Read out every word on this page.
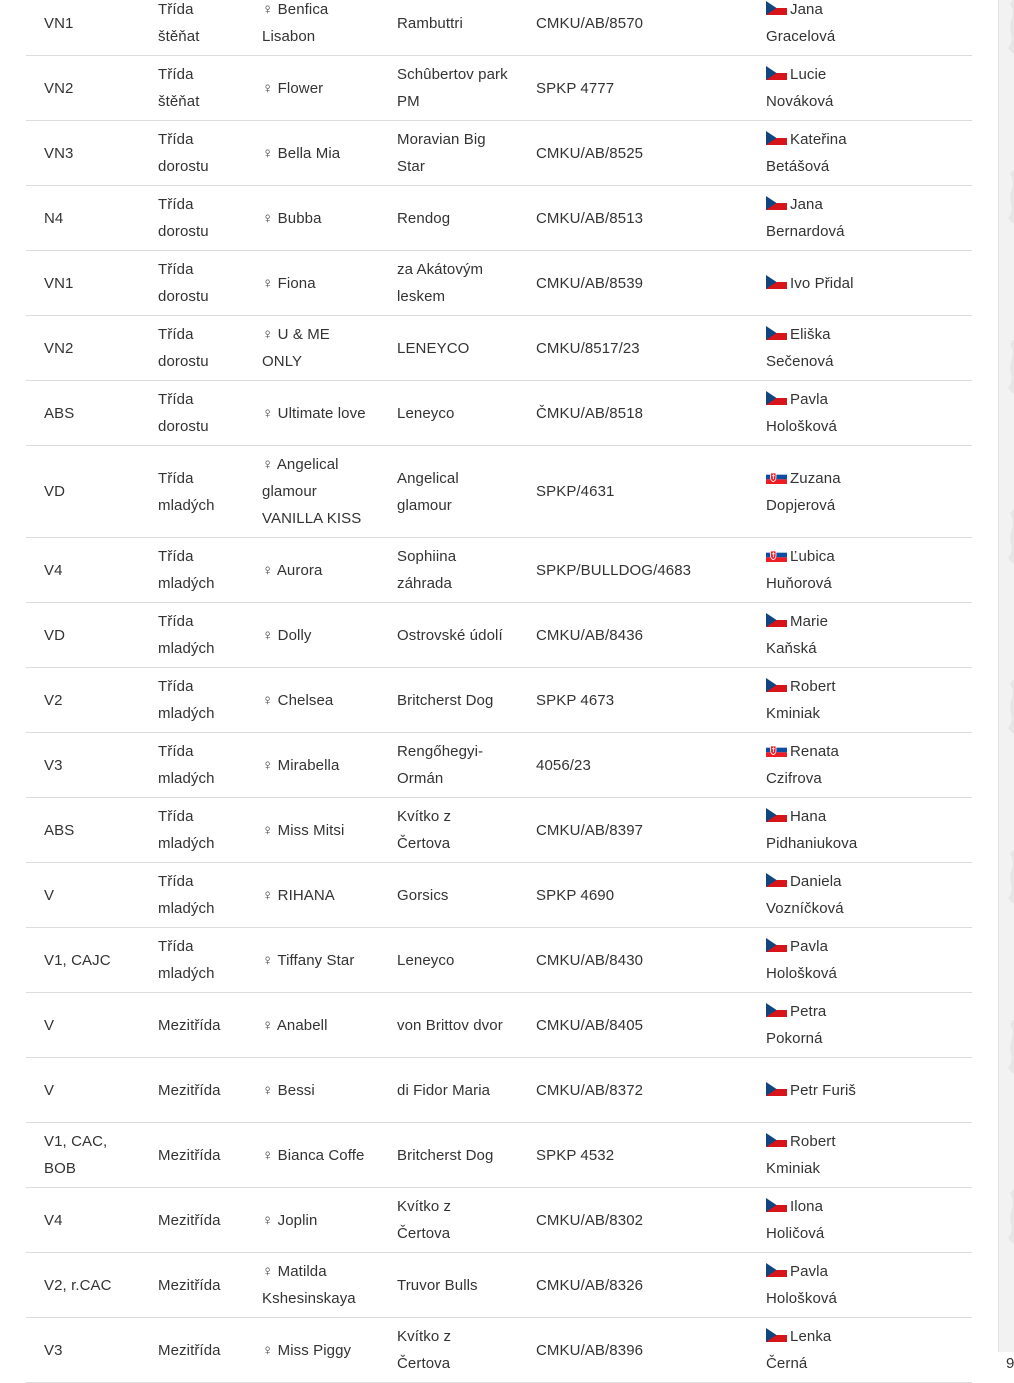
VN1	Třída štěňat	♀ Benfica Lisabon	Rambuttri	CMKU/AB/8570	Jana Gracelová	
VN2	Třída štěňat	♀ Flower	Schûbertov park PM	SPKP 4777	Lucie Nováková	
VN3	Třída dorostu	♀ Bella Mia	Moravian Big Star	CMKU/AB/8525	Kateřina Betášová	
N4	Třída dorostu	♀ Bubba	Rendog	CMKU/AB/8513	Jana Bernardová	
VN1	Třída dorostu	♀ Fiona	za Akátovým leskem	CMKU/AB/8539	Ivo Přidal	
VN2	Třída dorostu	♀ U & ME ONLY	LENEYCO	CMKU/8517/23	Eliška Sečenová	
ABS	Třída dorostu	♀ Ultimate love	Leneyco	ČMKU/AB/8518	Pavla Hološková	
VD	Třída mladých	♀ Angelical glamour VANILLA KISS	Angelical glamour	SPKP/4631	Zuzana Dopjerová	
V4	Třída mladých	♀ Aurora	Sophiina záhrada	SPKP/BULLDOG/4683	Ľubica Huňorová	
VD	Třída mladých	♀ Dolly	Ostrovské údolí	CMKU/AB/8436	Marie Kaňská	
V2	Třída mladých	♀ Chelsea	Britcherst Dog	SPKP 4673	Robert Kminiak	
V3	Třída mladých	♀ Mirabella	Rengőhegyi-Ormán	4056/23	Renata Czifrova	
ABS	Třída mladých	♀ Miss Mitsi	Kvítko z Čertova	CMKU/AB/8397	Hana Pidhaniukova	
V	Třída mladých	♀ RIHANA	Gorsics	SPKP 4690	Daniela Vozníčková	
V1, CAJC	Třída mladých	♀ Tiffany Star	Leneyco	CMKU/AB/8430	Pavla Hološková	
V	Mezitřída	♀ Anabell	von Brittov dvor	CMKU/AB/8405	Petra Pokorná	
V	Mezitřída	♀ Bessi	di Fidor Maria	CMKU/AB/8372	Petr Furiš	
V1, CAC, BOB	Mezitřída	♀ Bianca Coffe	Britcherst Dog	SPKP 4532	Robert Kminiak	
V4	Mezitřída	♀ Joplin	Kvítko z Čertova	CMKU/AB/8302	Ilona Holičová	
V2, r.CAC	Mezitřída	♀ Matilda Kshesinskaya	Truvor Bulls	CMKU/AB/8326	Pavla Hološková	
V3	Mezitřída	♀ Miss Piggy	Kvítko z Čertova	CMKU/AB/8396	Lenka Černá	9
